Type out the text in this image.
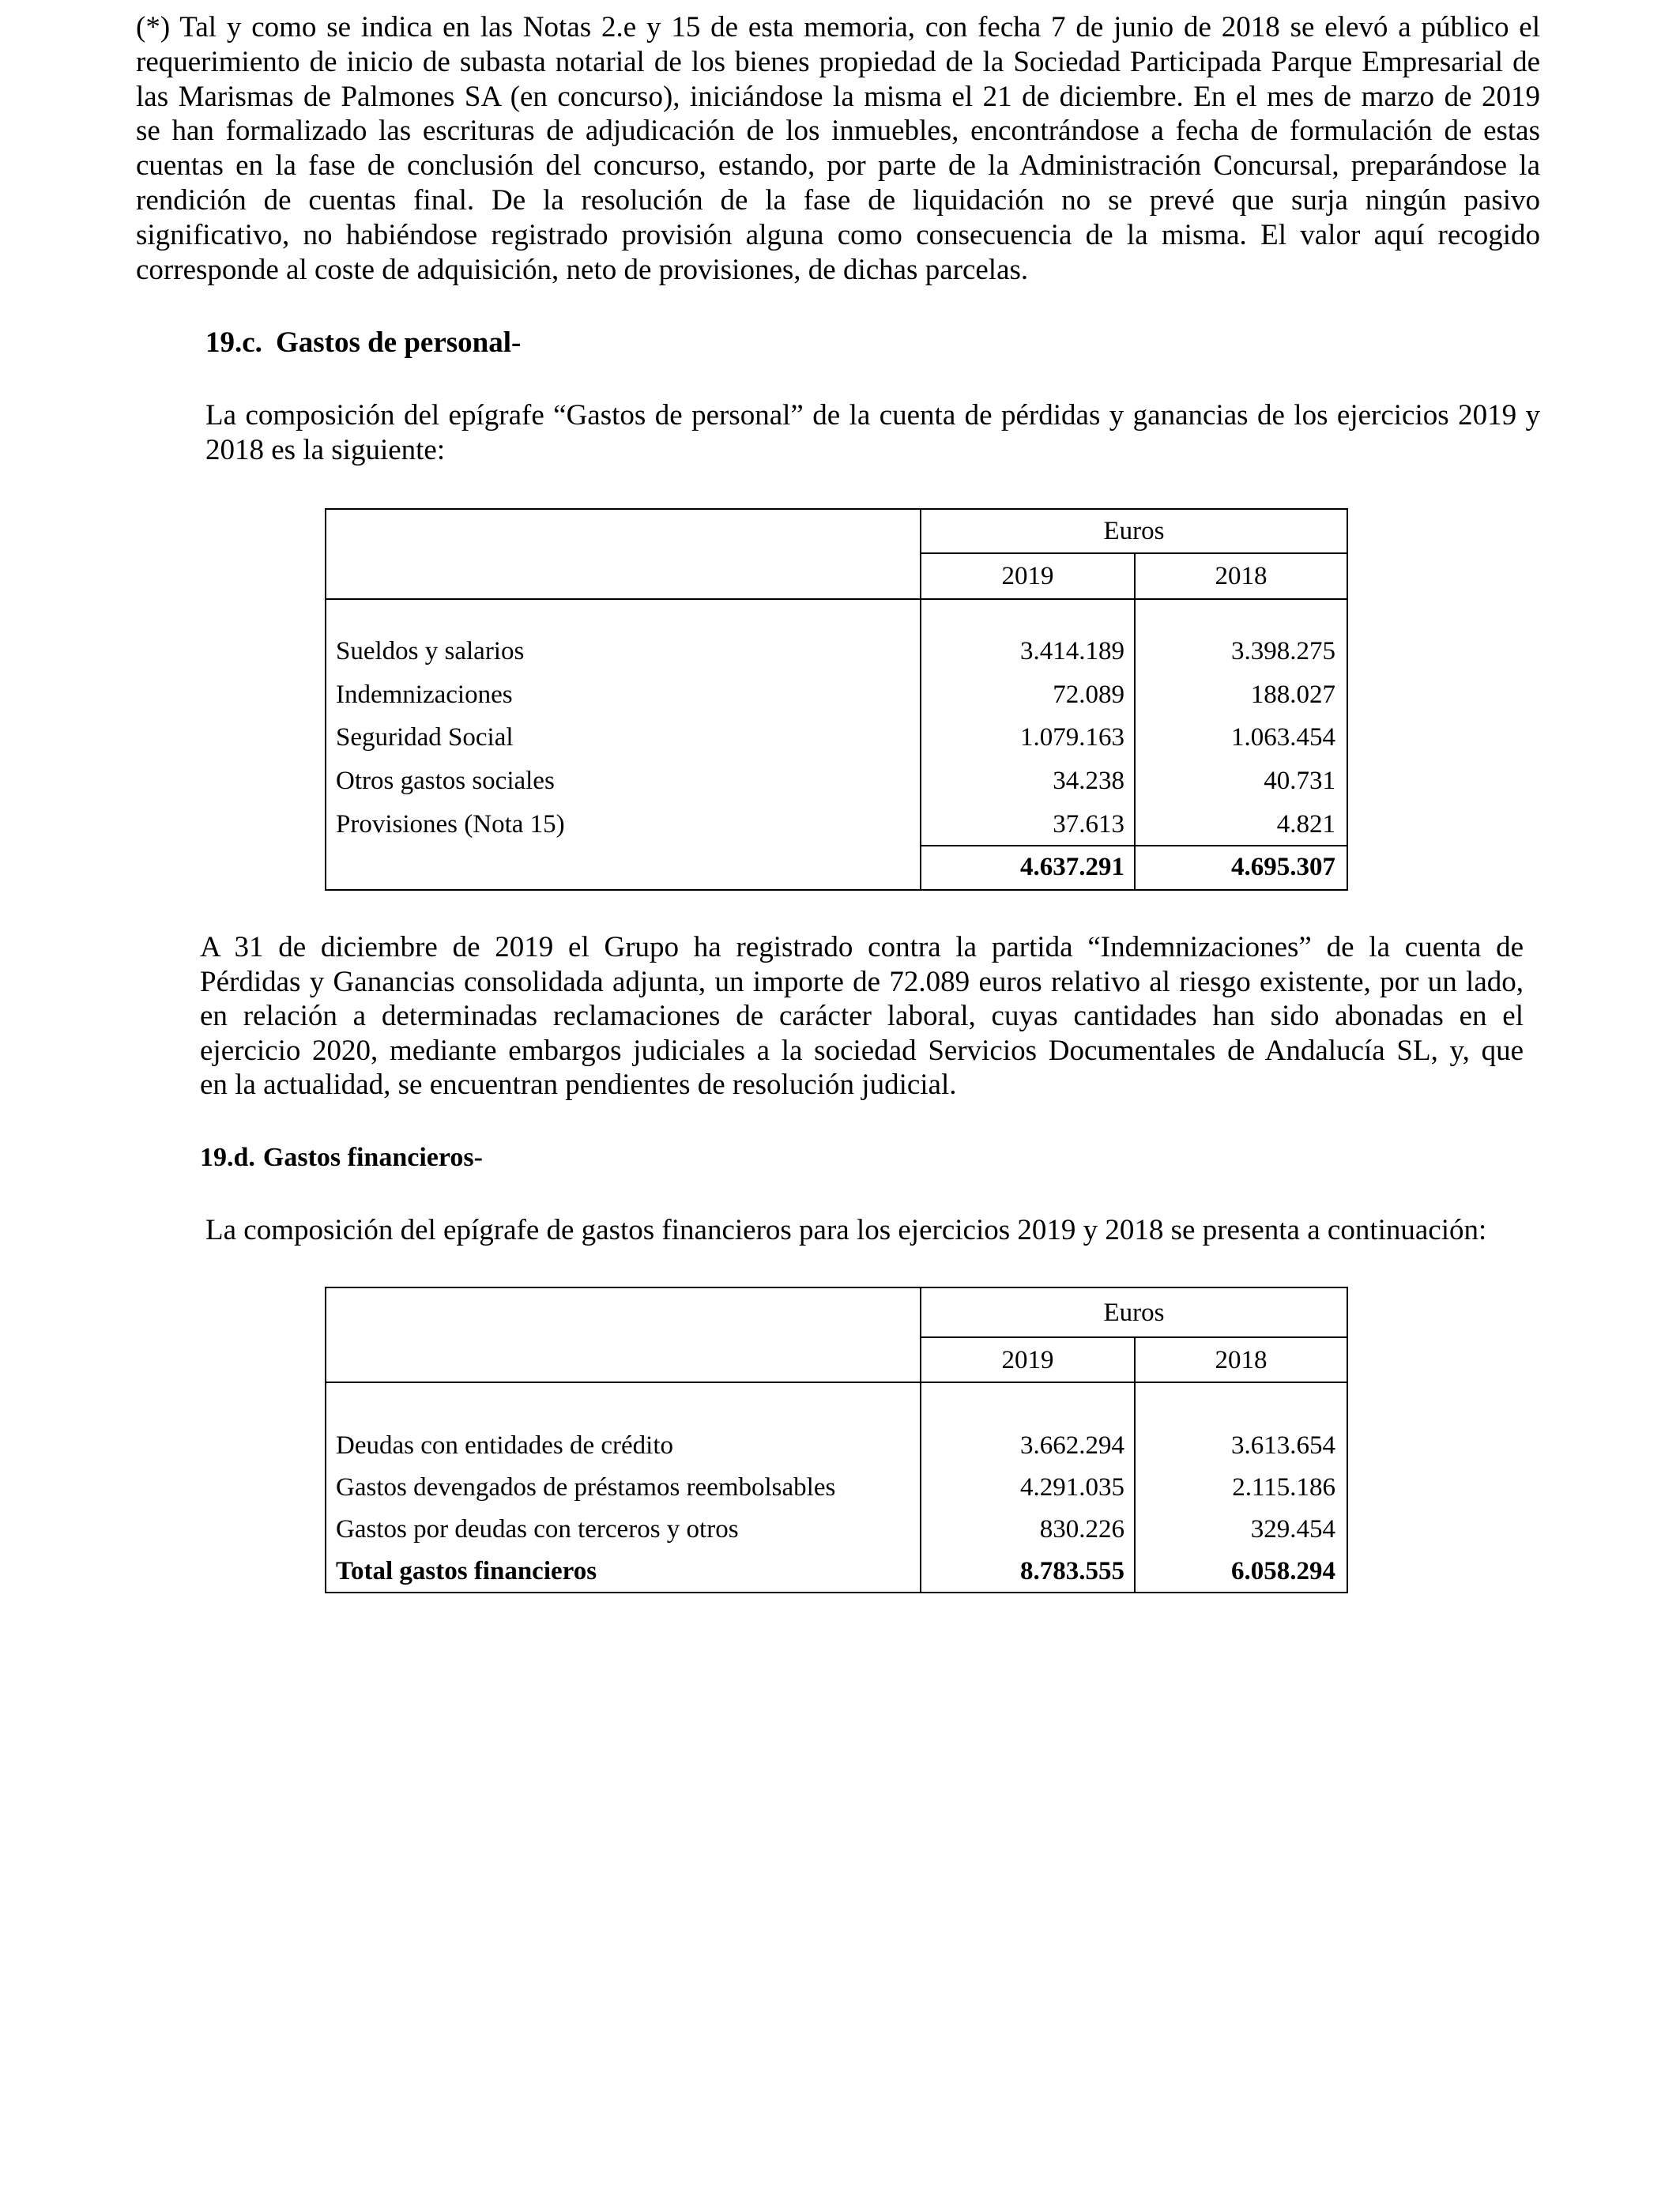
(*) Tal y como se indica en las Notas 2.e y 15 de esta memoria, con fecha 7 de junio de 2018 se elevó a público el
requerimiento de inicio de subasta notarial de los bienes propiedad de la Sociedad Participada Parque Empresarial de
las Marismas de Palmones SA (en concurso), iniciándose la misma el 21 de diciembre. En el mes de marzo de 2019
se han formalizado las escrituras de adjudicación de los inmuebles, encontrándose a fecha de formulación de estas
cuentas en la fase de conclusión del concurso, estando, por parte de la Administración Concursal, preparándose la
rendición de cuentas final. De la resolución de la fase de liquidación no se prevé que surja ningún pasivo
significativo, no habiéndose registrado provisión alguna como consecuencia de la misma. El valor aquí recogido
corresponde al coste de adquisición, neto de provisiones, de dichas parcelas.
19.c. Gastos de personal-
La composición del epígrafe “Gastos de personal” de la cuenta de pérdidas y ganancias de los ejercicios 2019 y
2018 es la siguiente:
Euros
2019	2018
Sueldos y salarios	3.414.189	3.398.275
Indemnizaciones	72.089	188.027
Seguridad Social	1.079.163	1.063.454
Otros gastos sociales	34.238	40.731
Provisiones (Nota 15)	37.613	4.821
4.637.291	4.695.307
A 31 de diciembre de 2019 el Grupo ha registrado contra la partida “Indemnizaciones” de la cuenta de
Pérdidas y Ganancias consolidada adjunta, un importe de 72.089 euros relativo al riesgo existente, por un lado,
en relación a determinadas reclamaciones de carácter laboral, cuyas cantidades han sido abonadas en el
ejercicio 2020, mediante embargos judiciales a la sociedad Servicios Documentales de Andalucía SL, y, que
en la actualidad, se encuentran pendientes de resolución judicial.
19.d. Gastos financieros-
La composición del epígrafe de gastos financieros para los ejercicios 2019 y 2018 se presenta a continuación:
Euros
2019	2018
Deudas con entidades de crédito	3.662.294	3.613.654
Gastos devengados de préstamos reembolsables	4.291.035	2.115.186
Gastos por deudas con terceros y otros	830.226	329.454
Total gastos financieros	8.783.555	6.058.294
